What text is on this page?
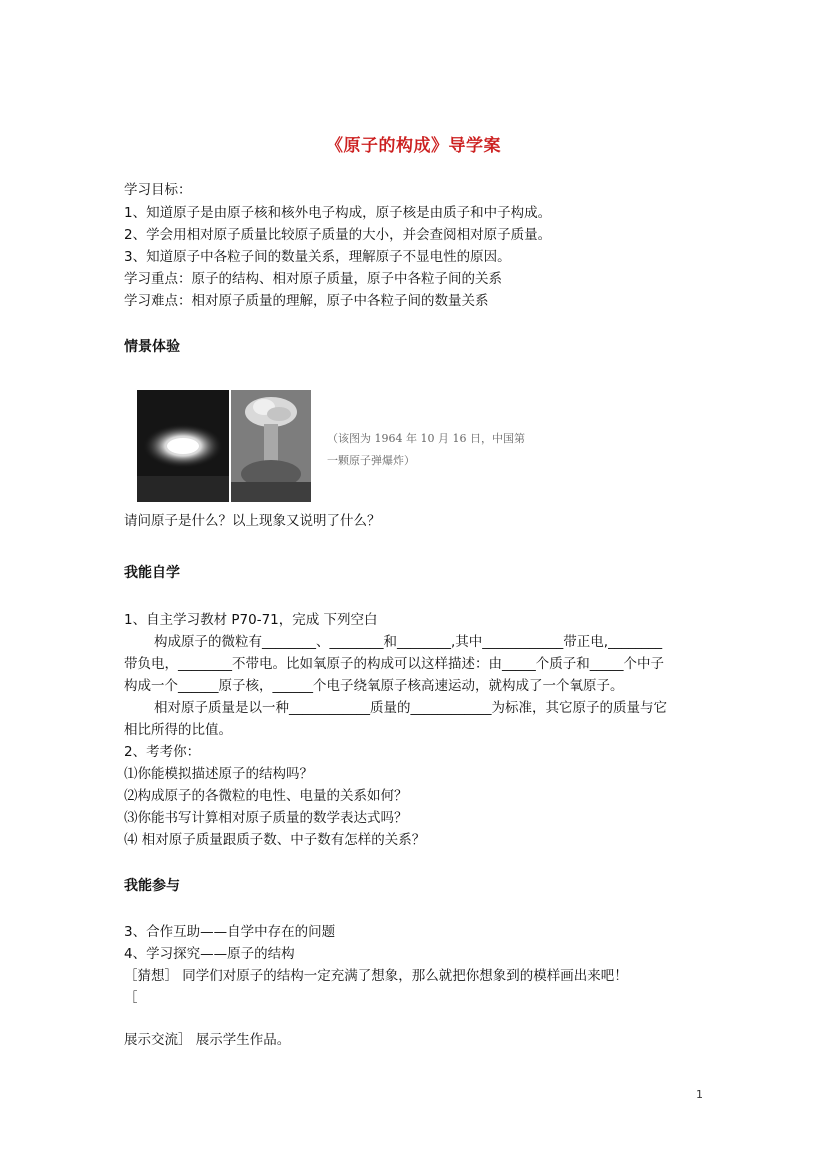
《原子的构成》导学案
学习目标：
1、知道原子是由原子核和核外电子构成，原子核是由质子和中子构成。
2、学会用相对原子质量比较原子质量的大小，并会查阅相对原子质量。
3、知道原子中各粒子间的数量关系，理解原子不显电性的原因。
学习重点：原子的结构、相对原子质量，原子中各粒子间的关系
学习难点：相对原子质量的理解，原子中各粒子间的数量关系
情景体验
（该图为 1964 年 10 月 16 日，中国第
一颗原子弹爆炸）
请问原子是什么？以上现象又说明了什么？
我能自学
1、自主学习教材 P70-71，完成 下列空白
构成原子的微粒有________、________和________,其中____________带正电,________
带负电，________不带电。比如氧原子的构成可以这样描述：由_____个质子和_____个中子
构成一个______原子核，______个电子绕氧原子核高速运动，就构成了一个氧原子。
相对原子质量是以一种____________质量的____________为标准，其它原子的质量与它
相比所得的比值。
2、考考你：
⑴你能模拟描述原子的结构吗？
⑵构成原子的各微粒的电性、电量的关系如何？
⑶你能书写计算相对原子质量的数学表达式吗？
⑷ 相对原子质量跟质子数、中子数有怎样的关系？
我能参与
3、合作互助——自学中存在的问题
4、学习探究——原子的结构
［猜想］ 同学们对原子的结构一定充满了想象，那么就把你想象到的模样画出来吧！
［
展示交流］ 展示学生作品。
1
